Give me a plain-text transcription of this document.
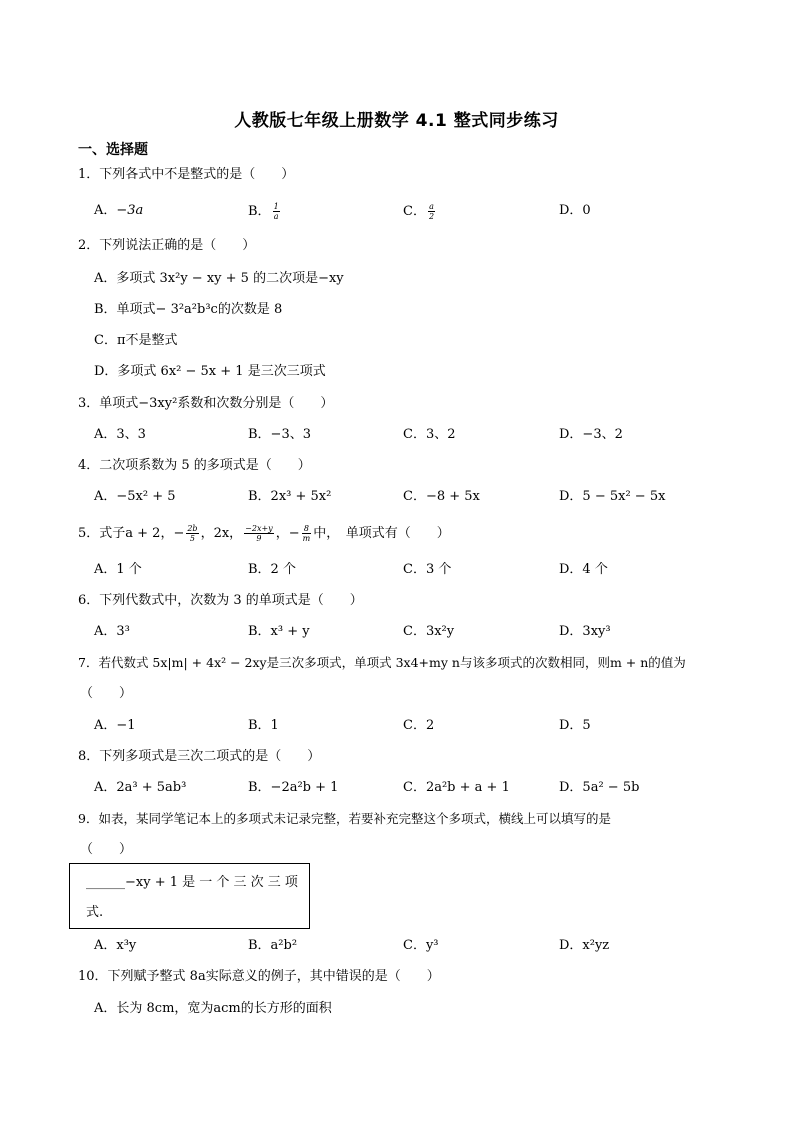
人教版七年级上册数学 4.1 整式同步练习
一、选择题
1．下列各式中不是整式的是（　　）
A．−3a	B． $\frac{1}{a}$	C． $\frac{a}{2}$	D．0
2．下列说法正确的是（　　）
A．多项式 3x²y − xy + 5 的二次项是−xy
B．单项式− 3²a²b³c的次数是 8
C．π不是整式
D．多项式 6x² − 5x + 1 是三次三项式
3．单项式−3xy²系数和次数分别是（　　）
A．3、3	B．−3、3	C．3、2	D．−3、2
4．二次项系数为 5 的多项式是（　　）
A．−5x² + 5	B．2x³ + 5x²	C．−8 + 5x	D．5 − 5x² − 5x
5．式子a + 2，− $\frac{2b}{5}$ ，2x， $\frac{-2x+y}{9}$ ，− $\frac{8}{m}$ 中，　单项式有（　　）
A．1 个	B．2 个	C．3 个	D．4 个
6．下列代数式中，次数为 3 的单项式是（　　）
A．3³	B．x³ + y	C．3x²y	D．3xy³
7．若代数式 5x|m| + 4x² − 2xy是三次多项式，单项式 3x4+my n与该多项式的次数相同，则m + n的值为
（　　）
A．−1	B．1	C．2	D．5
8．下列多项式是三次二项式的是（　　）
A．2a³ + 5ab³	B．−2a²b + 1	C．2a²b + a + 1	D．5a² − 5b
9．如表，某同学笔记本上的多项式未记录完整，若要补充完整这个多项式，横线上可以填写的是
（　　）
______−xy + 1 是 一 个 三 次 三 项
式.
A．x³y	B．a²b²	C．y³	D．x²yz
10．下列赋予整式 8a实际意义的例子，其中错误的是（　　）
A．长为 8cm，宽为acm的长方形的面积
